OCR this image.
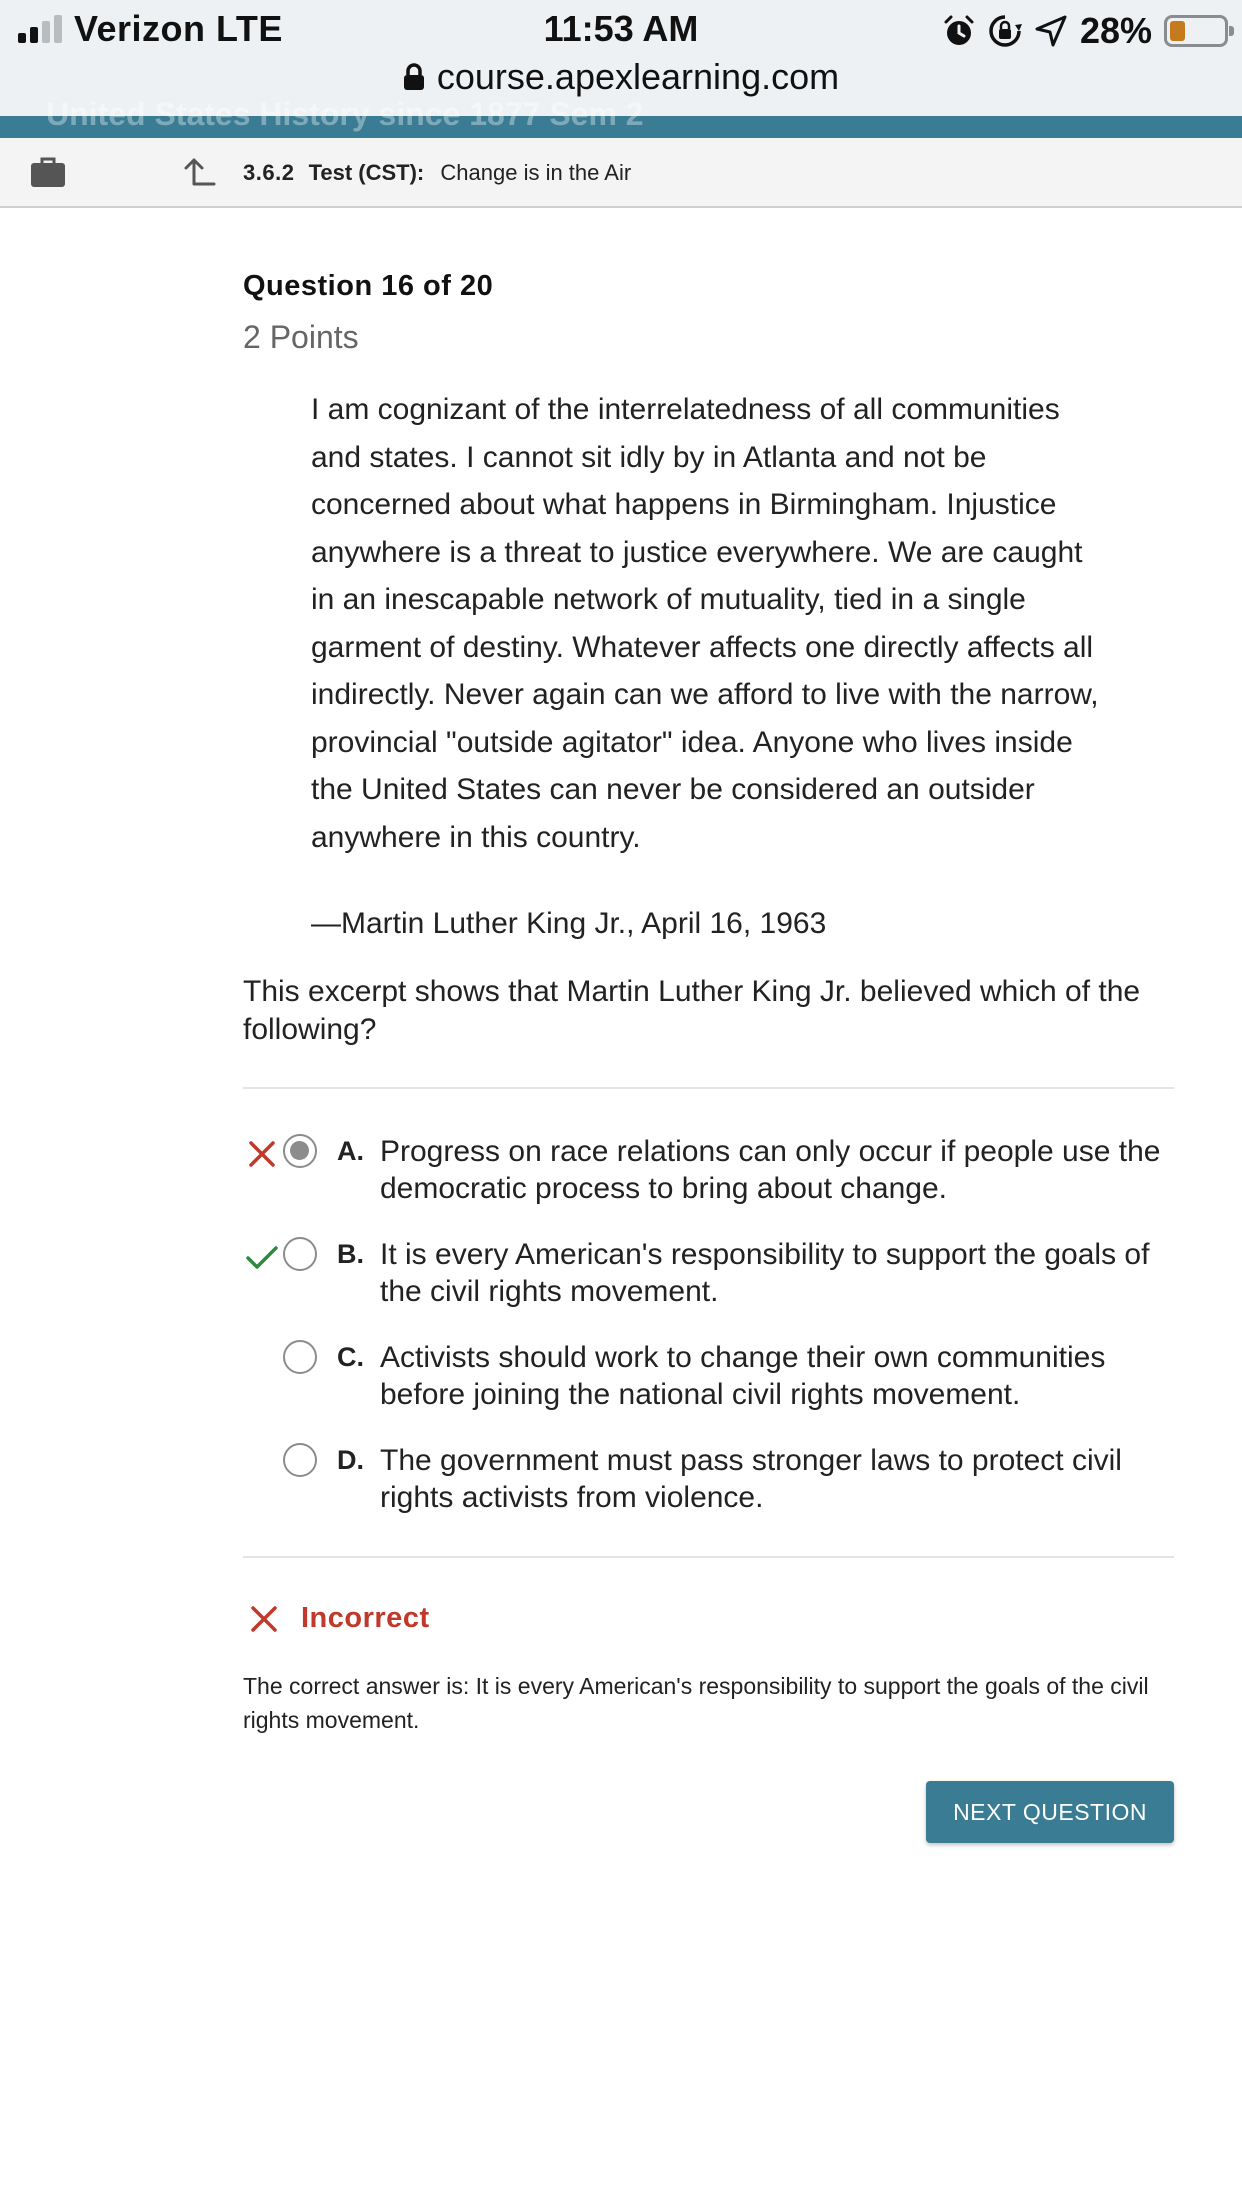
Verizon LTE	11:53 AM	28%
course.apexlearning.com
United States History since 1877 Sem 2
3.6.2 Test (CST): Change is in the Air
Question 16 of 20
2 Points
I am cognizant of the interrelatedness of all communities and states. I cannot sit idly by in Atlanta and not be concerned about what happens in Birmingham. Injustice anywhere is a threat to justice everywhere. We are caught in an inescapable network of mutuality, tied in a single garment of destiny. Whatever affects one directly affects all indirectly. Never again can we afford to live with the narrow, provincial "outside agitator" idea. Anyone who lives inside the United States can never be considered an outsider anywhere in this country.
—Martin Luther King Jr., April 16, 1963
This excerpt shows that Martin Luther King Jr. believed which of the following?
A. Progress on race relations can only occur if people use the democratic process to bring about change.
B. It is every American's responsibility to support the goals of the civil rights movement.
C. Activists should work to change their own communities before joining the national civil rights movement.
D. The government must pass stronger laws to protect civil rights activists from violence.
Incorrect
The correct answer is: It is every American's responsibility to support the goals of the civil rights movement.
NEXT QUESTION
